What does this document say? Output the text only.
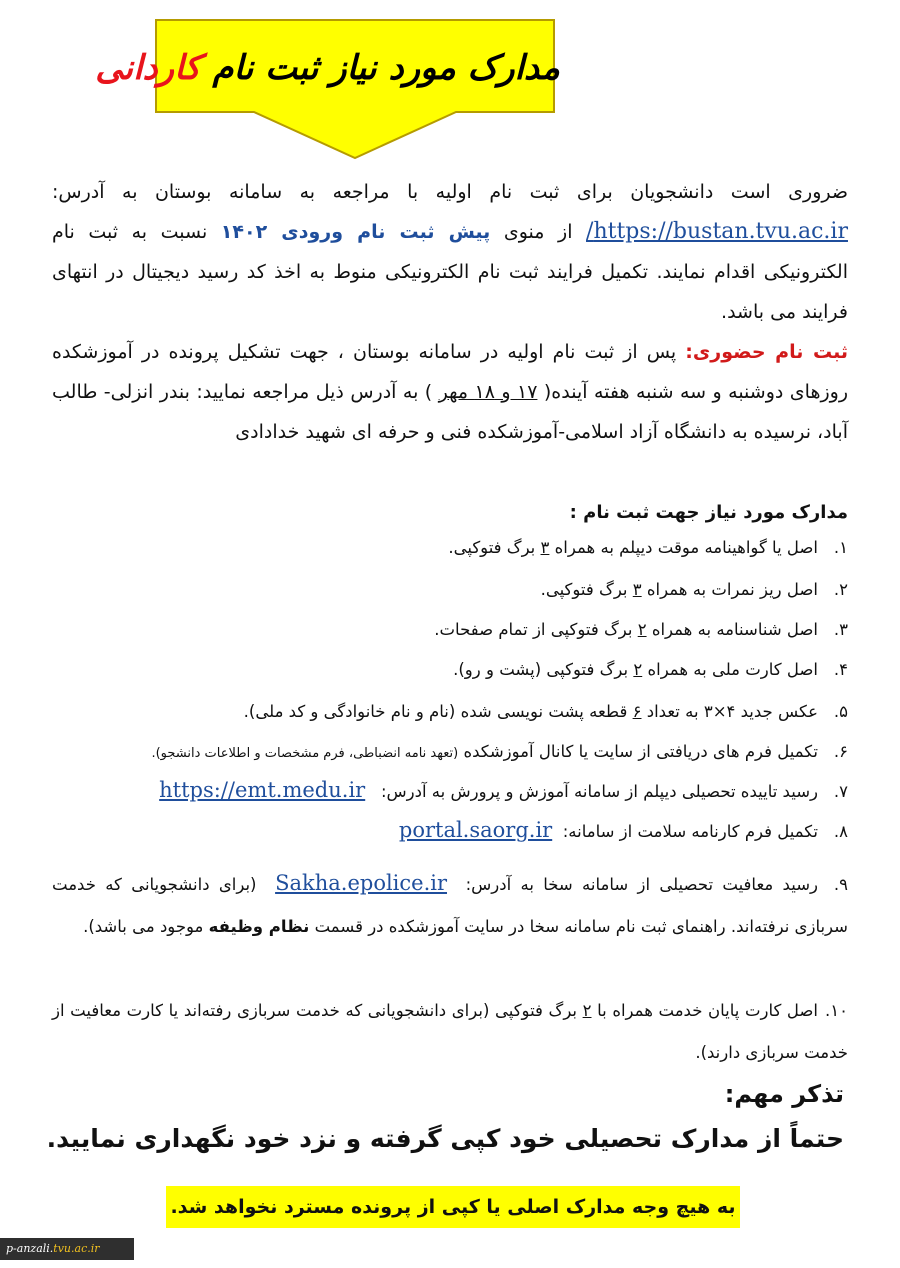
مدارک مورد نیاز ثبت نام کاردانی
ضروری است دانشجویان برای ثبت نام اولیه با مراجعه به سامانه بوستان به آدرس: https://bustan.tvu.ac.ir/ از منوی پیش ثبت نام ورودی ۱۴۰۲ نسبت به ثبت نام الکترونیکی اقدام نمایند. تکمیل فرایند ثبت نام الکترونیکی منوط به اخذ کد رسید دیجیتال در انتهای فرایند می باشد.
ثبت نام حضوری: پس از ثبت نام اولیه در سامانه بوستان ، جهت تشکیل پرونده در آموزشکده روزهای دوشنبه و سه شنبه هفته آینده( ۱۷ و ۱۸ مهر ) به آدرس ذیل مراجعه نمایید: بندر انزلی- طالب آباد، نرسیده به دانشگاه آزاد اسلامی-آموزشکده فنی و حرفه ای شهید خدادادی
مدارک مورد نیاز جهت ثبت نام :
۱.اصل یا گواهینامه موقت دیپلم به همراه ۳ برگ فتوکپی.
۲.اصل ریز نمرات به همراه ۳ برگ فتوکپی.
۳.اصل شناسنامه به همراه ۲ برگ فتوکپی از تمام صفحات.
۴.اصل کارت ملی به همراه ۲ برگ فتوکپی (پشت و رو).
۵.عکس جدید ۴×۳ به تعداد ۶ قطعه پشت نویسی شده (نام و نام خانوادگی و کد ملی).
۶.تکمیل فرم های دریافتی از سایت یا کانال آموزشکده (تعهد نامه انضباطی، فرم مشخصات و اطلاعات دانشجو).
۷.رسید تاییده تحصیلی دیپلم از سامانه آموزش و پرورش به آدرس:   https://emt.medu.ir
۸.تکمیل فرم کارنامه سلامت از سامانه:  portal.saorg.ir
۹.رسید معافیت تحصیلی از سامانه سخا به آدرس:  Sakha.epolice.ir  (برای دانشجویانی که خدمت سربازی نرفته‌اند. راهنمای ثبت نام سامانه سخا در سایت آموزشکده در قسمت نظام وظیفه موجود می باشد).
۱۰.اصل کارت پایان خدمت همراه با ۲ برگ فتوکپی (برای دانشجویانی که خدمت سربازی رفته‌اند یا کارت معافیت از خدمت سربازی دارند).
تذکر مهم:
حتماً از مدارک تحصیلی خود کپی گرفته و نزد خود نگهداری نمایید.
به هیچ وجه مدارک اصلی یا کپی از پرونده مسترد نخواهد شد.
p-anzali.tvu.ac.ir
